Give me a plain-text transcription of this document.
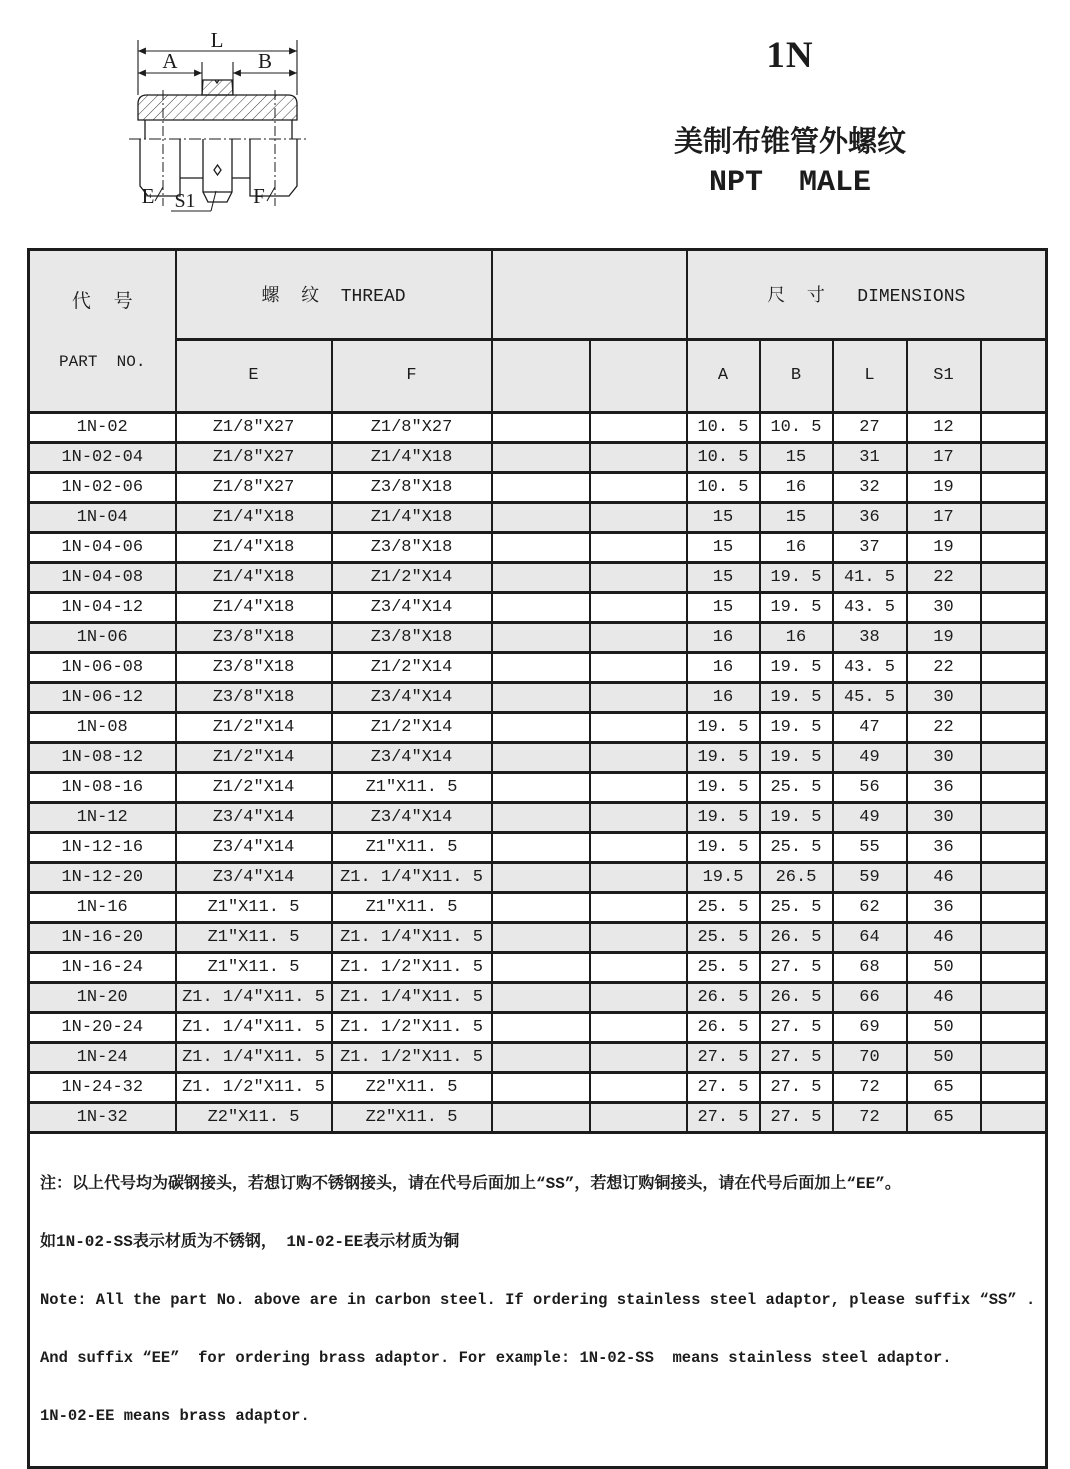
L
A	B
E S1	F
1N
美制布锥管外螺纹
NPT  MALE

代  号

PART  NO.	螺  纹  THREAD				尺  寸   DIMENSIONS				
	E	F			A	B	L	S1	
1N-02	Z1/8″X27	Z1/8″X27			10. 5	10. 5	27	12	
1N-02-04	Z1/8″X27	Z1/4″X18			10. 5	15	31	17	
1N-02-06	Z1/8″X27	Z3/8″X18			10. 5	16	32	19	
1N-04	Z1/4″X18	Z1/4″X18			15	15	36	17	
1N-04-06	Z1/4″X18	Z3/8″X18			15	16	37	19	
1N-04-08	Z1/4″X18	Z1/2″X14			15	19. 5	41. 5	22	
1N-04-12	Z1/4″X18	Z3/4″X14			15	19. 5	43. 5	30	
1N-06	Z3/8″X18	Z3/8″X18			16	16	38	19	
1N-06-08	Z3/8″X18	Z1/2″X14			16	19. 5	43. 5	22	
1N-06-12	Z3/8″X18	Z3/4″X14			16	19. 5	45. 5	30	
1N-08	Z1/2″X14	Z1/2″X14			19. 5	19. 5	47	22	
1N-08-12	Z1/2″X14	Z3/4″X14			19. 5	19. 5	49	30	
1N-08-16	Z1/2″X14	Z1″X11. 5			19. 5	25. 5	56	36	
1N-12	Z3/4″X14	Z3/4″X14			19. 5	19. 5	49	30	
1N-12-16	Z3/4″X14	Z1″X11. 5			19. 5	25. 5	55	36	
1N-12-20	Z3/4″X14	Z1. 1/4″X11. 5			19.5	26.5	59	46	
1N-16	Z1″X11. 5	Z1″X11. 5			25. 5	25. 5	62	36	
1N-16-20	Z1″X11. 5	Z1. 1/4″X11. 5			25. 5	26. 5	64	46	
1N-16-24	Z1″X11. 5	Z1. 1/2″X11. 5			25. 5	27. 5	68	50	
1N-20	Z1. 1/4″X11. 5	Z1. 1/4″X11. 5			26. 5	26. 5	66	46	
1N-20-24	Z1. 1/4″X11. 5	Z1. 1/2″X11. 5			26. 5	27. 5	69	50	
1N-24	Z1. 1/4″X11. 5	Z1. 1/2″X11. 5			27. 5	27. 5	70	50	
1N-24-32	Z1. 1/2″X11. 5	Z2″X11. 5			27. 5	27. 5	72	65	
1N-32	Z2″X11. 5	Z2″X11. 5			27. 5	27. 5	72	65	

注：以上代号均为碳钢接头，若想订购不锈钢接头，请在代号后面加上“SS”，若想订购铜接头，请在代号后面加上“EE”。

如1N-02-SS表示材质为不锈钢， 1N-02-EE表示材质为铜

Note: All the part No. above are in carbon steel. If ordering stainless steel adaptor, please suffix “SS” .

And suffix “EE”  for ordering brass adaptor. For example: 1N-02-SS  means stainless steel adaptor.

1N-02-EE means brass adaptor.									
